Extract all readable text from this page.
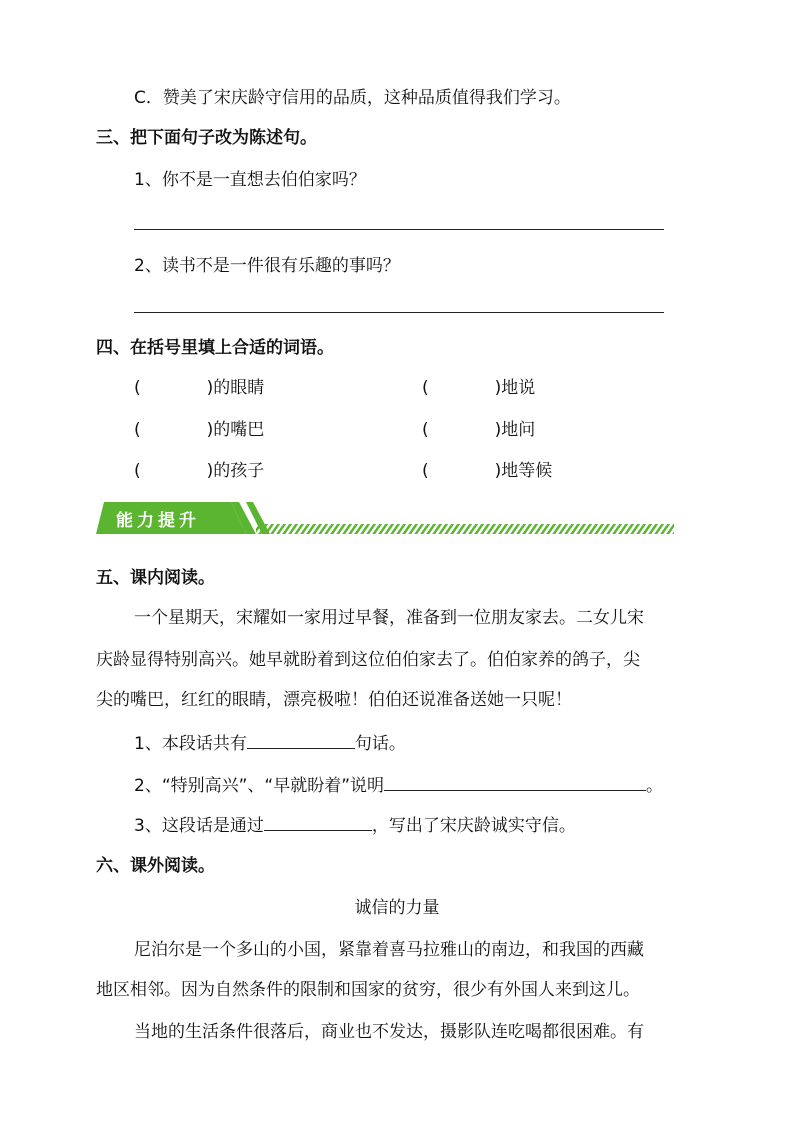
C．赞美了宋庆龄守信用的品质，这种品质值得我们学习。
三、把下面句子改为陈述句。
1、你不是一直想去伯伯家吗？
2、读书不是一件很有乐趣的事吗？
四、在括号里填上合适的词语。
(	)的眼睛	(	)地说
(	)的嘴巴	(	)地问
(	)的孩子	(	)地等候
能力提升
五、课内阅读。
一个星期天，宋耀如一家用过早餐，准备到一位朋友家去。二女儿宋
庆龄显得特别高兴。她早就盼着到这位伯伯家去了。伯伯家养的鸽子，尖
尖的嘴巴，红红的眼睛，漂亮极啦！伯伯还说准备送她一只呢！
1、本段话共有	句话。
2、“特别高兴”、“早就盼着”说明	。
3、这段话是通过	，写出了宋庆龄诚实守信。
六、课外阅读。
诚信的力量
尼泊尔是一个多山的小国，紧靠着喜马拉雅山的南边，和我国的西藏
地区相邻。因为自然条件的限制和国家的贫穷，很少有外国人来到这儿。
当地的生活条件很落后，商业也不发达，摄影队连吃喝都很困难。有
